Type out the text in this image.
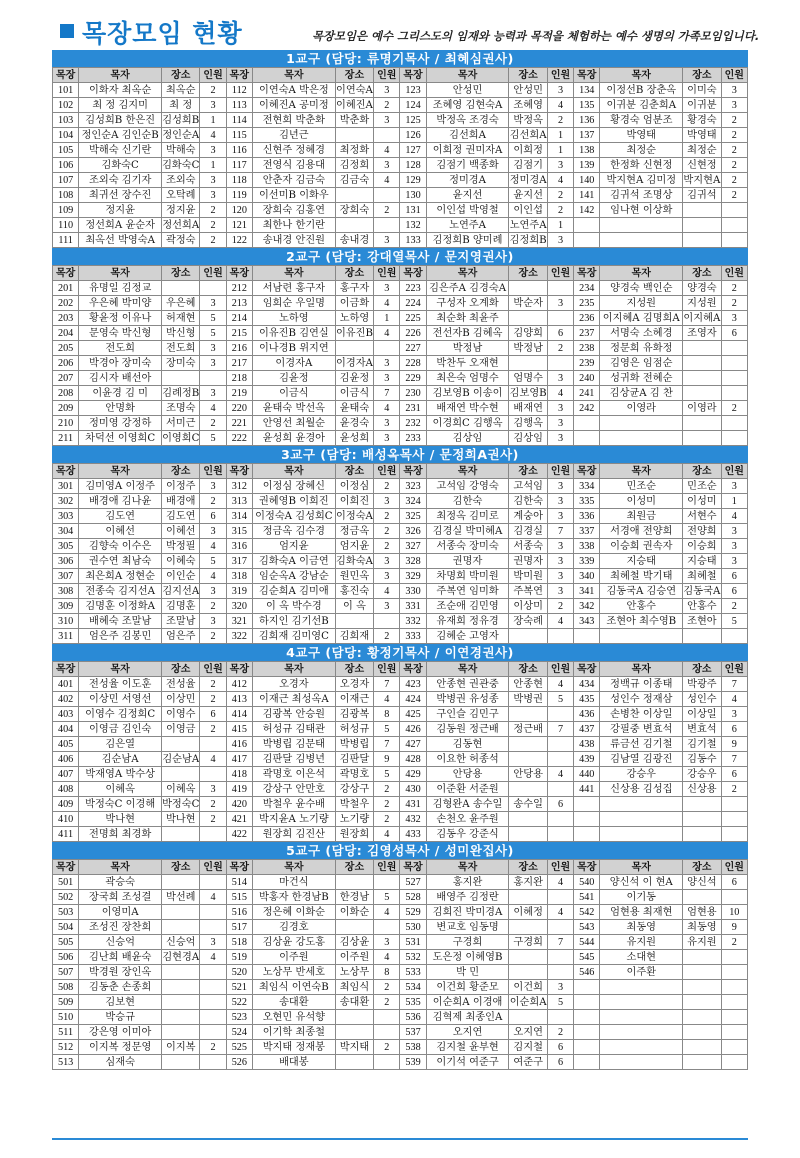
목장모임 현황	목장모임은 예수 그리스도의 임재와 능력과 목적을 체험하는 예수 생명의 가족모임입니다.
1교구 (담당: 류명기목사 / 최혜심권사)
목장	목자	장소	인원	목장	목자	장소	인원	목장	목자	장소	인원	목장	목자	장소	인원
101	이화자 최옥순	최옥순	2	112	이연숙A 박은정	이연숙A	3	123	안성민	안성민	3	134	이정선B 장춘옥	이미숙	3
102	최 정 김지미	최 정	3	113	이혜진A 공미정	이혜진A	2	124	조혜영 김현숙A	조혜영	4	135	이귀분 김춘희A	이귀분	3
103	김성희B 한은진	김성희B	1	114	전현희 박춘화	박춘화	3	125	박정옥 조경숙	박정옥	2	136	황경숙 엄분조	황경숙	2
104	정인순A 김인순B	정인순A	4	115	김년근			126	김선희A	김선희A	1	137	박영태	박영태	2
105	박해숙 신기란	박해숙	3	116	신현주 정혜경	최정화	4	127	이희정 권미자A	이희정	1	138	최정순	최정순	2
106	김화숙C	김화숙C	1	117	전영식 김용대	김정희	3	128	김점기 백종화	김점기	3	139	한정화 신현정	신현정	2
107	조외숙 김기자	조외숙	3	118	안춘자 김금숙	김금숙	4	129	정미경A	정미경A	4	140	박지현A 김미정	박지현A	2
108	최귀선 장수진	오탁례	3	119	이선미B 이화우			130	윤지선	윤지선	2	141	김귀석 조명상	김귀석	2
109	정지윤	정지윤	2	120	장희숙 김홍연	장희숙	2	131	이인섭 박영철	이인섭	2	142	임나현 이상화		
110	정선희A 윤순자	정선희A	2	121	최한나 한기란			132	노연주A	노연주A	1				
111	최옥선 박영숙A	곽정숙	2	122	송내경 안진원	송내경	3	133	김정희B 양미례	김정희B	3				
2교구 (담당: 강대열목사 / 문지영권사)
목장	목자	장소	인원	목장	목자	장소	인원	목장	목자	장소	인원	목장	목자	장소	인원
201	유명일 김정교			212	서남련 홍구자	홍구자	3	223	김은주A 김경숙A			234	양경숙 백인순	양경숙	2
202	우은혜 박미양	우은혜	3	213	임희순 우일명	이금화	4	224	구성자 오계화	박순자	3	235	지성원	지성원	2
203	황윤정 이유나	허재현	5	214	노하영	노하영	1	225	최순화 최윤주			236	이지혜A 김명희A	이지혜A	3
204	문영숙 박신형	박신형	5	215	이유진B 김연실	이유진B	4	226	전선자B 김혜옥	김양희	6	237	서명숙 소혜경	조영자	6
205	전도희	전도희	3	216	이나경B 위지연			227	박정남	박정남	2	238	정문희 유화정		
206	박경아 장미숙	장미숙	3	217	이경자A	이경자A	3	228	박찬두 오재현			239	김영은 임점순		
207	김시자 배선아			218	김윤정	김윤정	3	229	최은숙 엄명수	엄명수	3	240	성귀화 전혜순		
208	이윤경 김 미	김례정B	3	219	이금식	이금식	7	230	김보영B 이송이	김보영B	4	241	김상균A 김 찬		
209	안명화	조명숙	4	220	윤태숙 박선옥	윤태숙	4	231	배재연 박수현	배재연	3	242	이영라	이영라	2
210	정미영 강정하	서미근	2	221	안영선 최월순	윤경숙	3	232	이경희C 김행옥	김행옥	3				
211	차덕선 이영희C	이영희C	5	222	윤성희 윤경아	윤성희	3	233	김상임	김상임	3				
3교구 (담당: 배성옥목사 / 문정희A권사)
목장	목자	장소	인원	목장	목자	장소	인원	목장	목자	장소	인원	목장	목자	장소	인원
301	김미영A 이정주	이정주	3	312	이정심 장혜신	이정심	2	323	고석임 강영숙	고석임	3	334	민조순	민조순	3
302	배경애 김나윤	배경애	2	313	권혜영B 이희진	이희진	3	324	김한숙	김한숙	3	335	이성미	이성미	1
303	김도연	김도연	6	314	이정숙A 김성희C	이정숙A	2	325	최정옥 김미로	계숭아	3	336	최원금	서현수	4
304	이혜선	이혜선	3	315	정금옥 김수경	정금옥	2	326	김경실 박미혜A	김경실	7	337	서경애 전양희	전양희	3
305	김향숙 이수은	박정필	4	316	엄지윤	엄지윤	2	327	서종숙 장미숙	서종숙	3	338	이승희 권속자	이승희	3
306	권수연 최남숙	이혜숙	5	317	김화숙A 이금연	김화숙A	3	328	권명자	권명자	3	339	지승태	지승태	3
307	최은희A 정현순	이인순	4	318	임순옥A 강남순	원민옥	3	329	차명희 박미원	박미원	3	340	최혜철 박기태	최혜철	6
308	전종숙 김지선A	김지선A	3	319	김순희A 김미애	홍진숙	4	330	주복연 임미화	주복연	3	341	김동국A 김승연	김동국A	6
309	김명훈 이정화A	김명훈	2	320	이 옥 박수경	이 옥	3	331	조순애 김민영	이상미	2	342	안홍수	안홍수	2
310	배혜숙 조말남	조말남	3	321	하지인 김기선B			332	유재희 정유경	장숙례	4	343	조현아 최수영B	조현아	5
311	엄은주 김봉민	엄은주	2	322	김희재 김미영C	김희재	2	333	김혜순 고영자						
4교구 (담당: 황정기목사 / 이연경권사)
목장	목자	장소	인원	목장	목자	장소	인원	목장	목자	장소	인원	목장	목자	장소	인원
401	전성율 이도훈	전성율	2	412	오경자	오경자	7	423	안종현 권관중	안종현	4	434	정백규 이종태	박광주	7
402	이상민 서영선	이상민	2	413	이재근 최성옥A	이재근	4	424	박병권 유성종	박병권	5	435	성인수 정재삼	성인수	4
403	이영수 김정희C	이영수	6	414	김광복 안승원	김광복	8	425	구인슬 김민구			436	손병찬 이상일	이상일	3
404	이영금 김인숙	이영금	2	415	허성규 김태관	허성규	5	426	김동원 정근배	정근배	7	437	강필중 변효석	변효석	6
405	김은열			416	박병립 김문태	박병립	7	427	김동현			438	류금선 김기철	김기철	9
406	김순남A	김순남A	4	417	김판달 김병년	김판달	9	428	이요한 허종석			439	김남열 김광진	김동수	7
407	박재영A 박수상			418	곽명호 이은석	곽명호	5	429	안당용	안당용	4	440	강승우	강승우	6
408	이혜옥	이혜옥	3	419	강상구 안만호	강상구	2	430	이준환 서준원			441	신상용 김성집	신상용	2
409	박정숙C 이경해	박정숙C	2	420	박철우 윤수배	박철우	2	431	김형완A 송수일	송수일	6				
410	박나현	박나현	2	421	박지윤A 노기량	노기량	2	432	손천오 윤주원						
411	전명희 최경화			422	원장희 김진산	원장희	4	433	김동우 강준식						
5교구 (담당: 김영성목사 / 성미완집사)
목장	목자	장소	인원	목장	목자	장소	인원	목장	목자	장소	인원	목장	목자	장소	인원
501	곽승숙			514	마건식			527	홍지완	홍지완	4	540	양신석 이 현A	양신석	6
502	장국희 조성결	박선례	4	515	박홍자 한경남B	한경남	5	528	배영주 김정란			541	이기동		
503	이영미A			516	정은혜 이화순	이화순	4	529	김희진 박미경A	이혜정	4	542	엄현용 최재현	엄현용	10
504	조성진 장찬희			517	김경호			530	변교호 임동명			543	최동영	최동영	9
505	신승억	신승억	3	518	김상윤 강도홍	김상윤	3	531	구경희	구경희	7	544	유지원	유지원	2
506	김난희 배윤숙	김현경A	4	519	이주원	이주원	4	532	도은정 이혜영B			545	소대현		
507	박경원 장인옥			520	노상무 반세호	노상무	8	533	박 민			546	이주환		
508	김동춘 손종희			521	최임식 이연숙B	최임식	2	534	이건희 황준모	이건희	3				
509	김보현			522	송대환	송대환	2	535	이순희A 이경애	이순희A	5				
510	박승규			523	오현민 유석향			536	김혁제 최종인A						
511	강은영 이미아			524	이기학 최종철			537	오지연	오지연	2				
512	이지복 정문영	이지복	2	525	박지태 정재봉	박지태	2	538	김지철 윤부현	김지철	6				
513	심재숙			526	배대봉			539	이기석 여준구	여준구	6				
